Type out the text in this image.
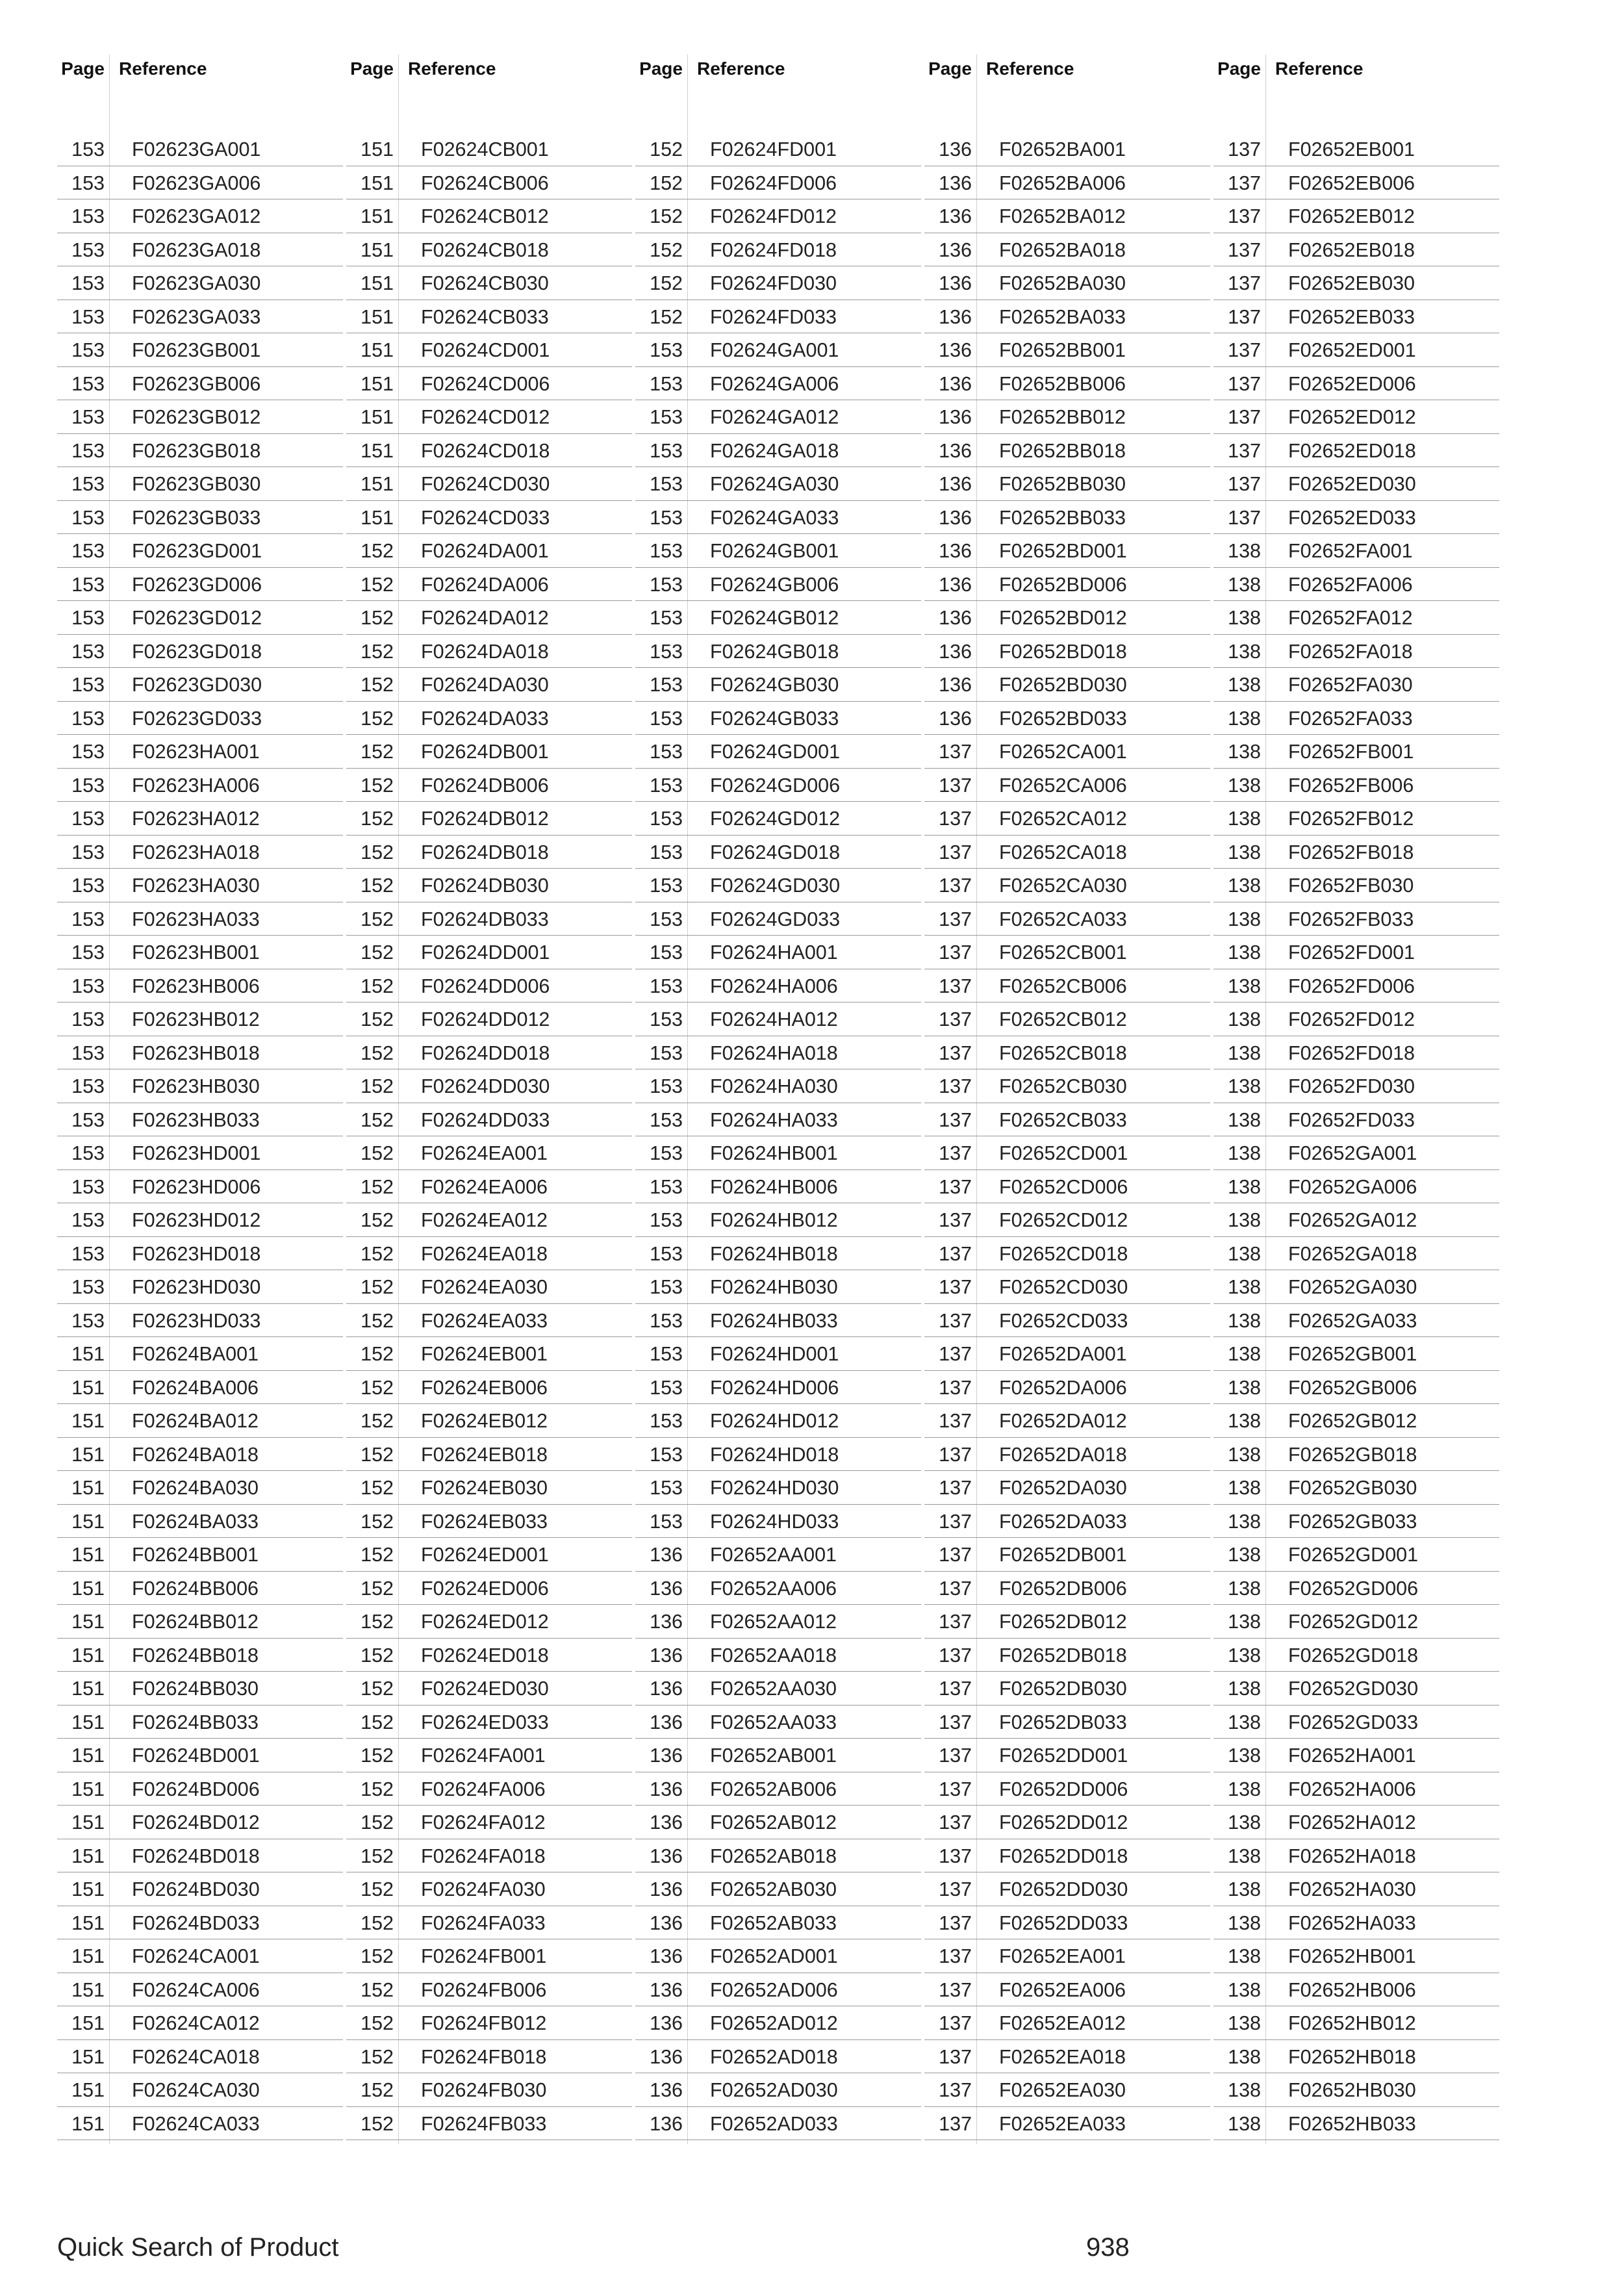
Page Reference
153 F02623GA001
153 F02623GA006
153 F02623GA012
153 F02623GA018
153 F02623GA030
153 F02623GA033
153 F02623GB001
153 F02623GB006
153 F02623GB012
153 F02623GB018
153 F02623GB030
153 F02623GB033
153 F02623GD001
153 F02623GD006
153 F02623GD012
153 F02623GD018
153 F02623GD030
153 F02623GD033
153 F02623HA001
153 F02623HA006
153 F02623HA012
153 F02623HA018
153 F02623HA030
153 F02623HA033
153 F02623HB001
153 F02623HB006
153 F02623HB012
153 F02623HB018
153 F02623HB030
153 F02623HB033
153 F02623HD001
153 F02623HD006
153 F02623HD012
153 F02623HD018
153 F02623HD030
153 F02623HD033
151 F02624BA001
151 F02624BA006
151 F02624BA012
151 F02624BA018
151 F02624BA030
151 F02624BA033
151 F02624BB001
151 F02624BB006
151 F02624BB012
151 F02624BB018
151 F02624BB030
151 F02624BB033
151 F02624BD001
151 F02624BD006
151 F02624BD012
151 F02624BD018
151 F02624BD030
151 F02624BD033
151 F02624CA001
151 F02624CA006
151 F02624CA012
151 F02624CA018
151 F02624CA030
151 F02624CA033
Page Reference
151 F02624CB001
151 F02624CB006
151 F02624CB012
151 F02624CB018
151 F02624CB030
151 F02624CB033
151 F02624CD001
151 F02624CD006
151 F02624CD012
151 F02624CD018
151 F02624CD030
151 F02624CD033
152 F02624DA001
152 F02624DA006
152 F02624DA012
152 F02624DA018
152 F02624DA030
152 F02624DA033
152 F02624DB001
152 F02624DB006
152 F02624DB012
152 F02624DB018
152 F02624DB030
152 F02624DB033
152 F02624DD001
152 F02624DD006
152 F02624DD012
152 F02624DD018
152 F02624DD030
152 F02624DD033
152 F02624EA001
152 F02624EA006
152 F02624EA012
152 F02624EA018
152 F02624EA030
152 F02624EA033
152 F02624EB001
152 F02624EB006
152 F02624EB012
152 F02624EB018
152 F02624EB030
152 F02624EB033
152 F02624ED001
152 F02624ED006
152 F02624ED012
152 F02624ED018
152 F02624ED030
152 F02624ED033
152 F02624FA001
152 F02624FA006
152 F02624FA012
152 F02624FA018
152 F02624FA030
152 F02624FA033
152 F02624FB001
152 F02624FB006
152 F02624FB012
152 F02624FB018
152 F02624FB030
152 F02624FB033
Page Reference
152 F02624FD001
152 F02624FD006
152 F02624FD012
152 F02624FD018
152 F02624FD030
152 F02624FD033
153 F02624GA001
153 F02624GA006
153 F02624GA012
153 F02624GA018
153 F02624GA030
153 F02624GA033
153 F02624GB001
153 F02624GB006
153 F02624GB012
153 F02624GB018
153 F02624GB030
153 F02624GB033
153 F02624GD001
153 F02624GD006
153 F02624GD012
153 F02624GD018
153 F02624GD030
153 F02624GD033
153 F02624HA001
153 F02624HA006
153 F02624HA012
153 F02624HA018
153 F02624HA030
153 F02624HA033
153 F02624HB001
153 F02624HB006
153 F02624HB012
153 F02624HB018
153 F02624HB030
153 F02624HB033
153 F02624HD001
153 F02624HD006
153 F02624HD012
153 F02624HD018
153 F02624HD030
153 F02624HD033
136 F02652AA001
136 F02652AA006
136 F02652AA012
136 F02652AA018
136 F02652AA030
136 F02652AA033
136 F02652AB001
136 F02652AB006
136 F02652AB012
136 F02652AB018
136 F02652AB030
136 F02652AB033
136 F02652AD001
136 F02652AD006
136 F02652AD012
136 F02652AD018
136 F02652AD030
136 F02652AD033
Page Reference
136 F02652BA001
136 F02652BA006
136 F02652BA012
136 F02652BA018
136 F02652BA030
136 F02652BA033
136 F02652BB001
136 F02652BB006
136 F02652BB012
136 F02652BB018
136 F02652BB030
136 F02652BB033
136 F02652BD001
136 F02652BD006
136 F02652BD012
136 F02652BD018
136 F02652BD030
136 F02652BD033
137 F02652CA001
137 F02652CA006
137 F02652CA012
137 F02652CA018
137 F02652CA030
137 F02652CA033
137 F02652CB001
137 F02652CB006
137 F02652CB012
137 F02652CB018
137 F02652CB030
137 F02652CB033
137 F02652CD001
137 F02652CD006
137 F02652CD012
137 F02652CD018
137 F02652CD030
137 F02652CD033
137 F02652DA001
137 F02652DA006
137 F02652DA012
137 F02652DA018
137 F02652DA030
137 F02652DA033
137 F02652DB001
137 F02652DB006
137 F02652DB012
137 F02652DB018
137 F02652DB030
137 F02652DB033
137 F02652DD001
137 F02652DD006
137 F02652DD012
137 F02652DD018
137 F02652DD030
137 F02652DD033
137 F02652EA001
137 F02652EA006
137 F02652EA012
137 F02652EA018
137 F02652EA030
137 F02652EA033
Page Reference
137 F02652EB001
137 F02652EB006
137 F02652EB012
137 F02652EB018
137 F02652EB030
137 F02652EB033
137 F02652ED001
137 F02652ED006
137 F02652ED012
137 F02652ED018
137 F02652ED030
137 F02652ED033
138 F02652FA001
138 F02652FA006
138 F02652FA012
138 F02652FA018
138 F02652FA030
138 F02652FA033
138 F02652FB001
138 F02652FB006
138 F02652FB012
138 F02652FB018
138 F02652FB030
138 F02652FB033
138 F02652FD001
138 F02652FD006
138 F02652FD012
138 F02652FD018
138 F02652FD030
138 F02652FD033
138 F02652GA001
138 F02652GA006
138 F02652GA012
138 F02652GA018
138 F02652GA030
138 F02652GA033
138 F02652GB001
138 F02652GB006
138 F02652GB012
138 F02652GB018
138 F02652GB030
138 F02652GB033
138 F02652GD001
138 F02652GD006
138 F02652GD012
138 F02652GD018
138 F02652GD030
138 F02652GD033
138 F02652HA001
138 F02652HA006
138 F02652HA012
138 F02652HA018
138 F02652HA030
138 F02652HA033
138 F02652HB001
138 F02652HB006
138 F02652HB012
138 F02652HB018
138 F02652HB030
138 F02652HB033
Quick Search of Product	938
